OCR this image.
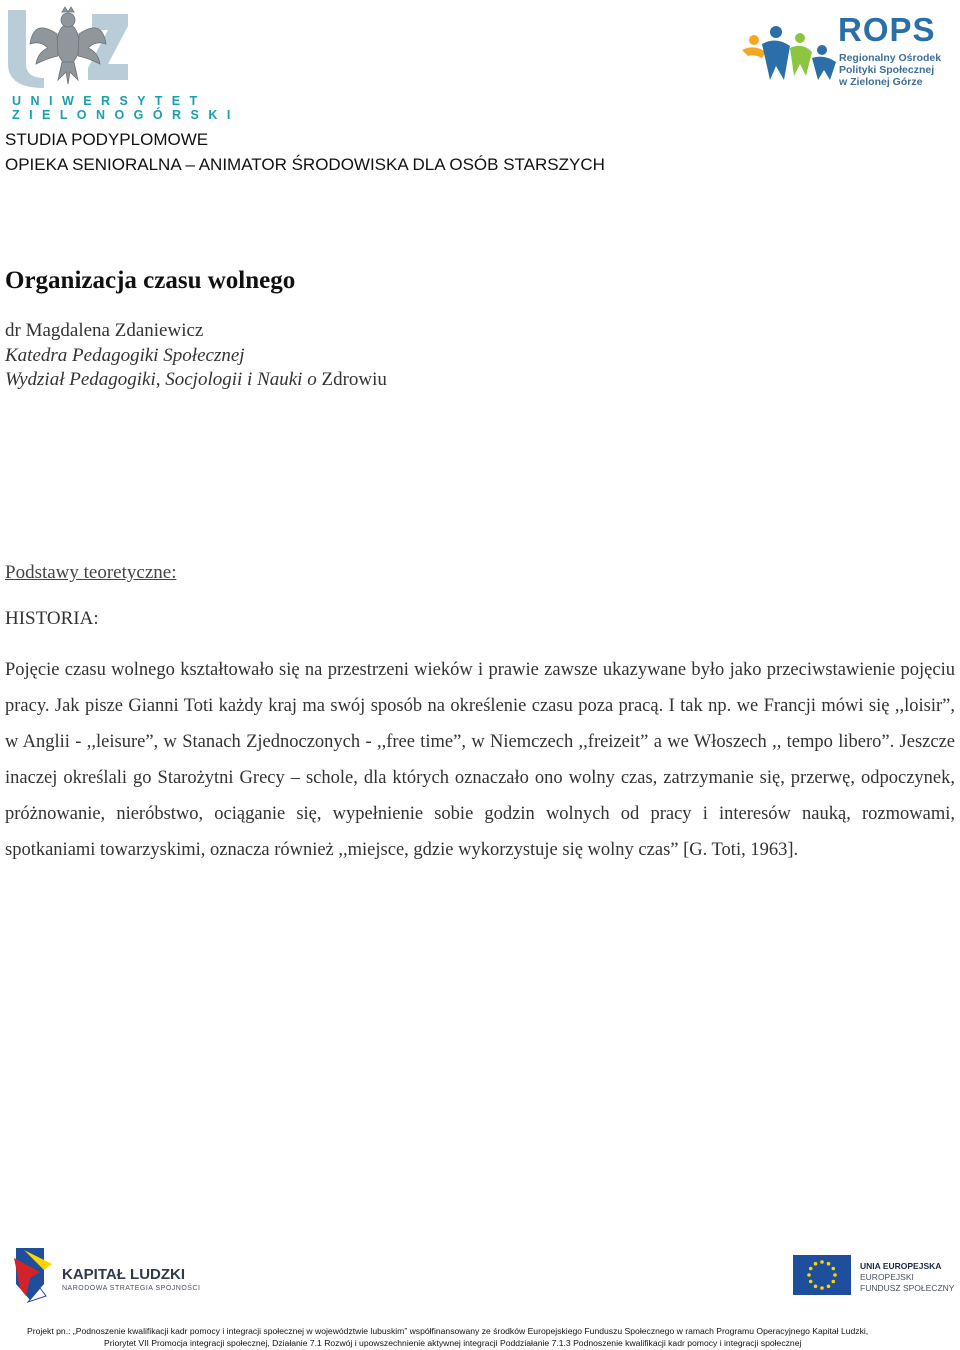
U N I W E R S Y T E T
Z I E L O N O G Ó R S K I
STUDIA PODYPLOMOWE
OPIEKA SENIORALNA – ANIMATOR ŚRODOWISKA DLA OSÓB STARSZYCH
ROPS
Regionalny Ośrodek
Polityki Społecznej
w Zielonej Górze
Organizacja czasu wolnego
dr Magdalena Zdaniewicz
Katedra Pedagogiki Społecznej
Wydział Pedagogiki, Socjologii i Nauki o Zdrowiu
Podstawy teoretyczne:
HISTORIA:

Pojęcie czasu wolnego kształtowało się na przestrzeni wieków i prawie zawsze ukazywane było jako przeciwstawienie pojęciu pracy. Jak pisze Gianni Toti każdy kraj ma swój sposób na określenie czasu poza pracą. I tak np. we Francji mówi się ,,loisir”, w Anglii - ,,leisure”, w Stanach Zjednoczonych - ,,free time”, w Niemczech ,,freizeit” a we Włoszech ,, tempo libero”. Jeszcze inaczej określali go Starożytni Grecy – schole, dla których oznaczało ono wolny czas, zatrzymanie się, przerwę, odpoczynek, próżnowanie, nieróbstwo, ociąganie się, wypełnienie sobie godzin wolnych od pracy i interesów nauką, rozmowami, spotkaniami towarzyskimi, oznacza również ,,miejsce, gdzie wykorzystuje się wolny czas” [G. Toti, 1963].

KAPITAŁ LUDZKI
NARODOWA STRATEGIA SPÓJNOŚCI
UNIA EUROPEJSKA
EUROPEJSKI
FUNDUSZ SPOŁECZNY
Projekt pn.: „Podnoszenie kwalifikacji kadr pomocy i integracji społecznej w województwie lubuskim” współfinansowany ze środków Europejskiego Funduszu Społecznego w ramach Programu Operacyjnego Kapitał Ludzki,
Priorytet VII Promocja integracji społecznej, Działanie 7.1 Rozwój i upowszechnienie aktywnej integracji Poddziałanie 7.1.3 Podnoszenie kwalifikacji kadr pomocy i integracji społecznej
